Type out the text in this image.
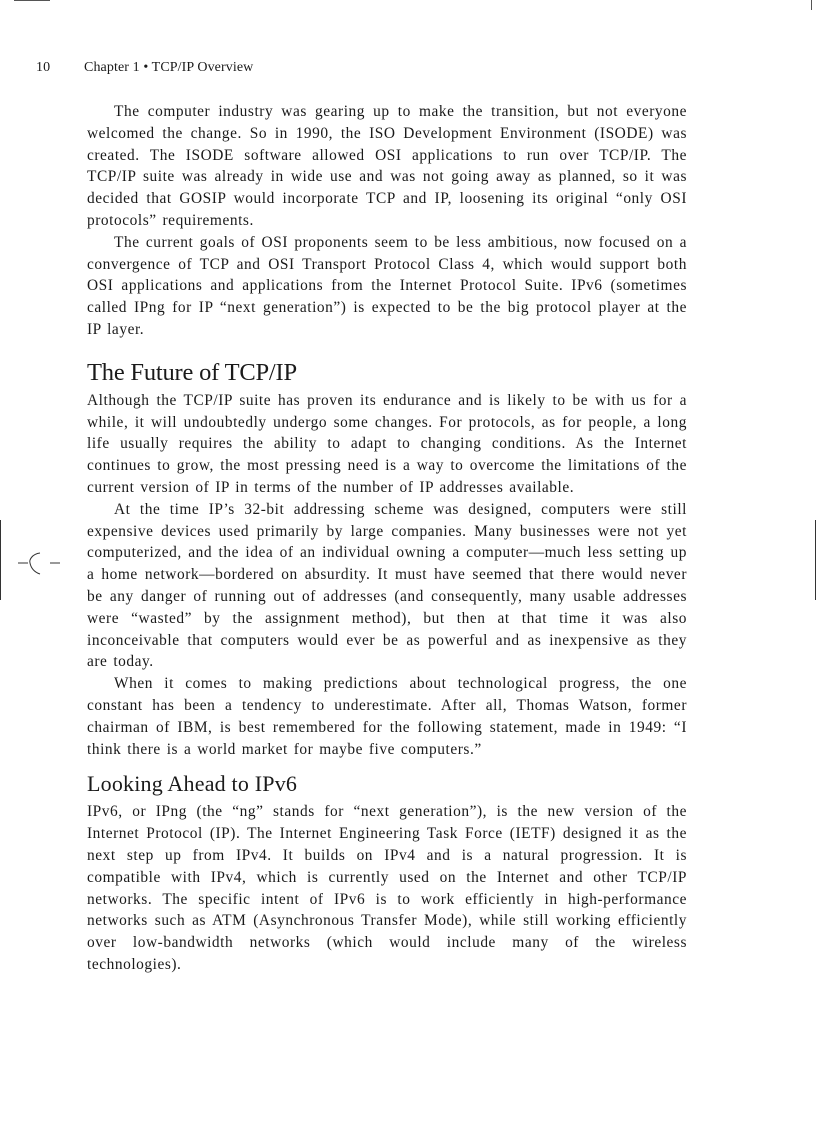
10 Chapter 1 • TCP/IP Overview

The computer industry was gearing up to make the transition, but not everyone welcomed the change. So in 1990, the ISO Development Environment (ISODE) was created. The ISODE software allowed OSI applications to run over TCP/IP. The TCP/IP suite was already in wide use and was not going away as planned, so it was decided that GOSIP would incorporate TCP and IP, loosening its original “only OSI protocols” requirements.

The current goals of OSI proponents seem to be less ambitious, now focused on a convergence of TCP and OSI Transport Protocol Class 4, which would support both OSI applications and applications from the Internet Protocol Suite. IPv6 (sometimes called IPng for IP “next generation”) is expected to be the big protocol player at the IP layer.

The Future of TCP/IP

Although the TCP/IP suite has proven its endurance and is likely to be with us for a while, it will undoubtedly undergo some changes. For protocols, as for people, a long life usually requires the ability to adapt to changing conditions. As the Internet continues to grow, the most pressing need is a way to overcome the limitations of the current version of IP in terms of the number of IP addresses available.

At the time IP’s 32-bit addressing scheme was designed, computers were still expensive devices used primarily by large companies. Many businesses were not yet computerized, and the idea of an individual owning a computer—much less setting up a home network—bordered on absurdity. It must have seemed that there would never be any danger of running out of addresses (and consequently, many usable addresses were “wasted” by the assignment method), but then at that time it was also inconceivable that computers would ever be as powerful and as inexpensive as they are today.

When it comes to making predictions about technological progress, the one constant has been a tendency to underestimate. After all, Thomas Watson, former chairman of IBM, is best remembered for the following statement, made in 1949: “I think there is a world market for maybe five computers.”

Looking Ahead to IPv6

IPv6, or IPng (the “ng” stands for “next generation”), is the new version of the Internet Protocol (IP). The Internet Engineering Task Force (IETF) designed it as the next step up from IPv4. It builds on IPv4 and is a natural progression. It is compatible with IPv4, which is currently used on the Internet and other TCP/IP networks. The specific intent of IPv6 is to work efficiently in high-performance networks such as ATM (Asynchronous Transfer Mode), while still working efficiently over low-bandwidth networks (which would include many of the wireless technologies).
